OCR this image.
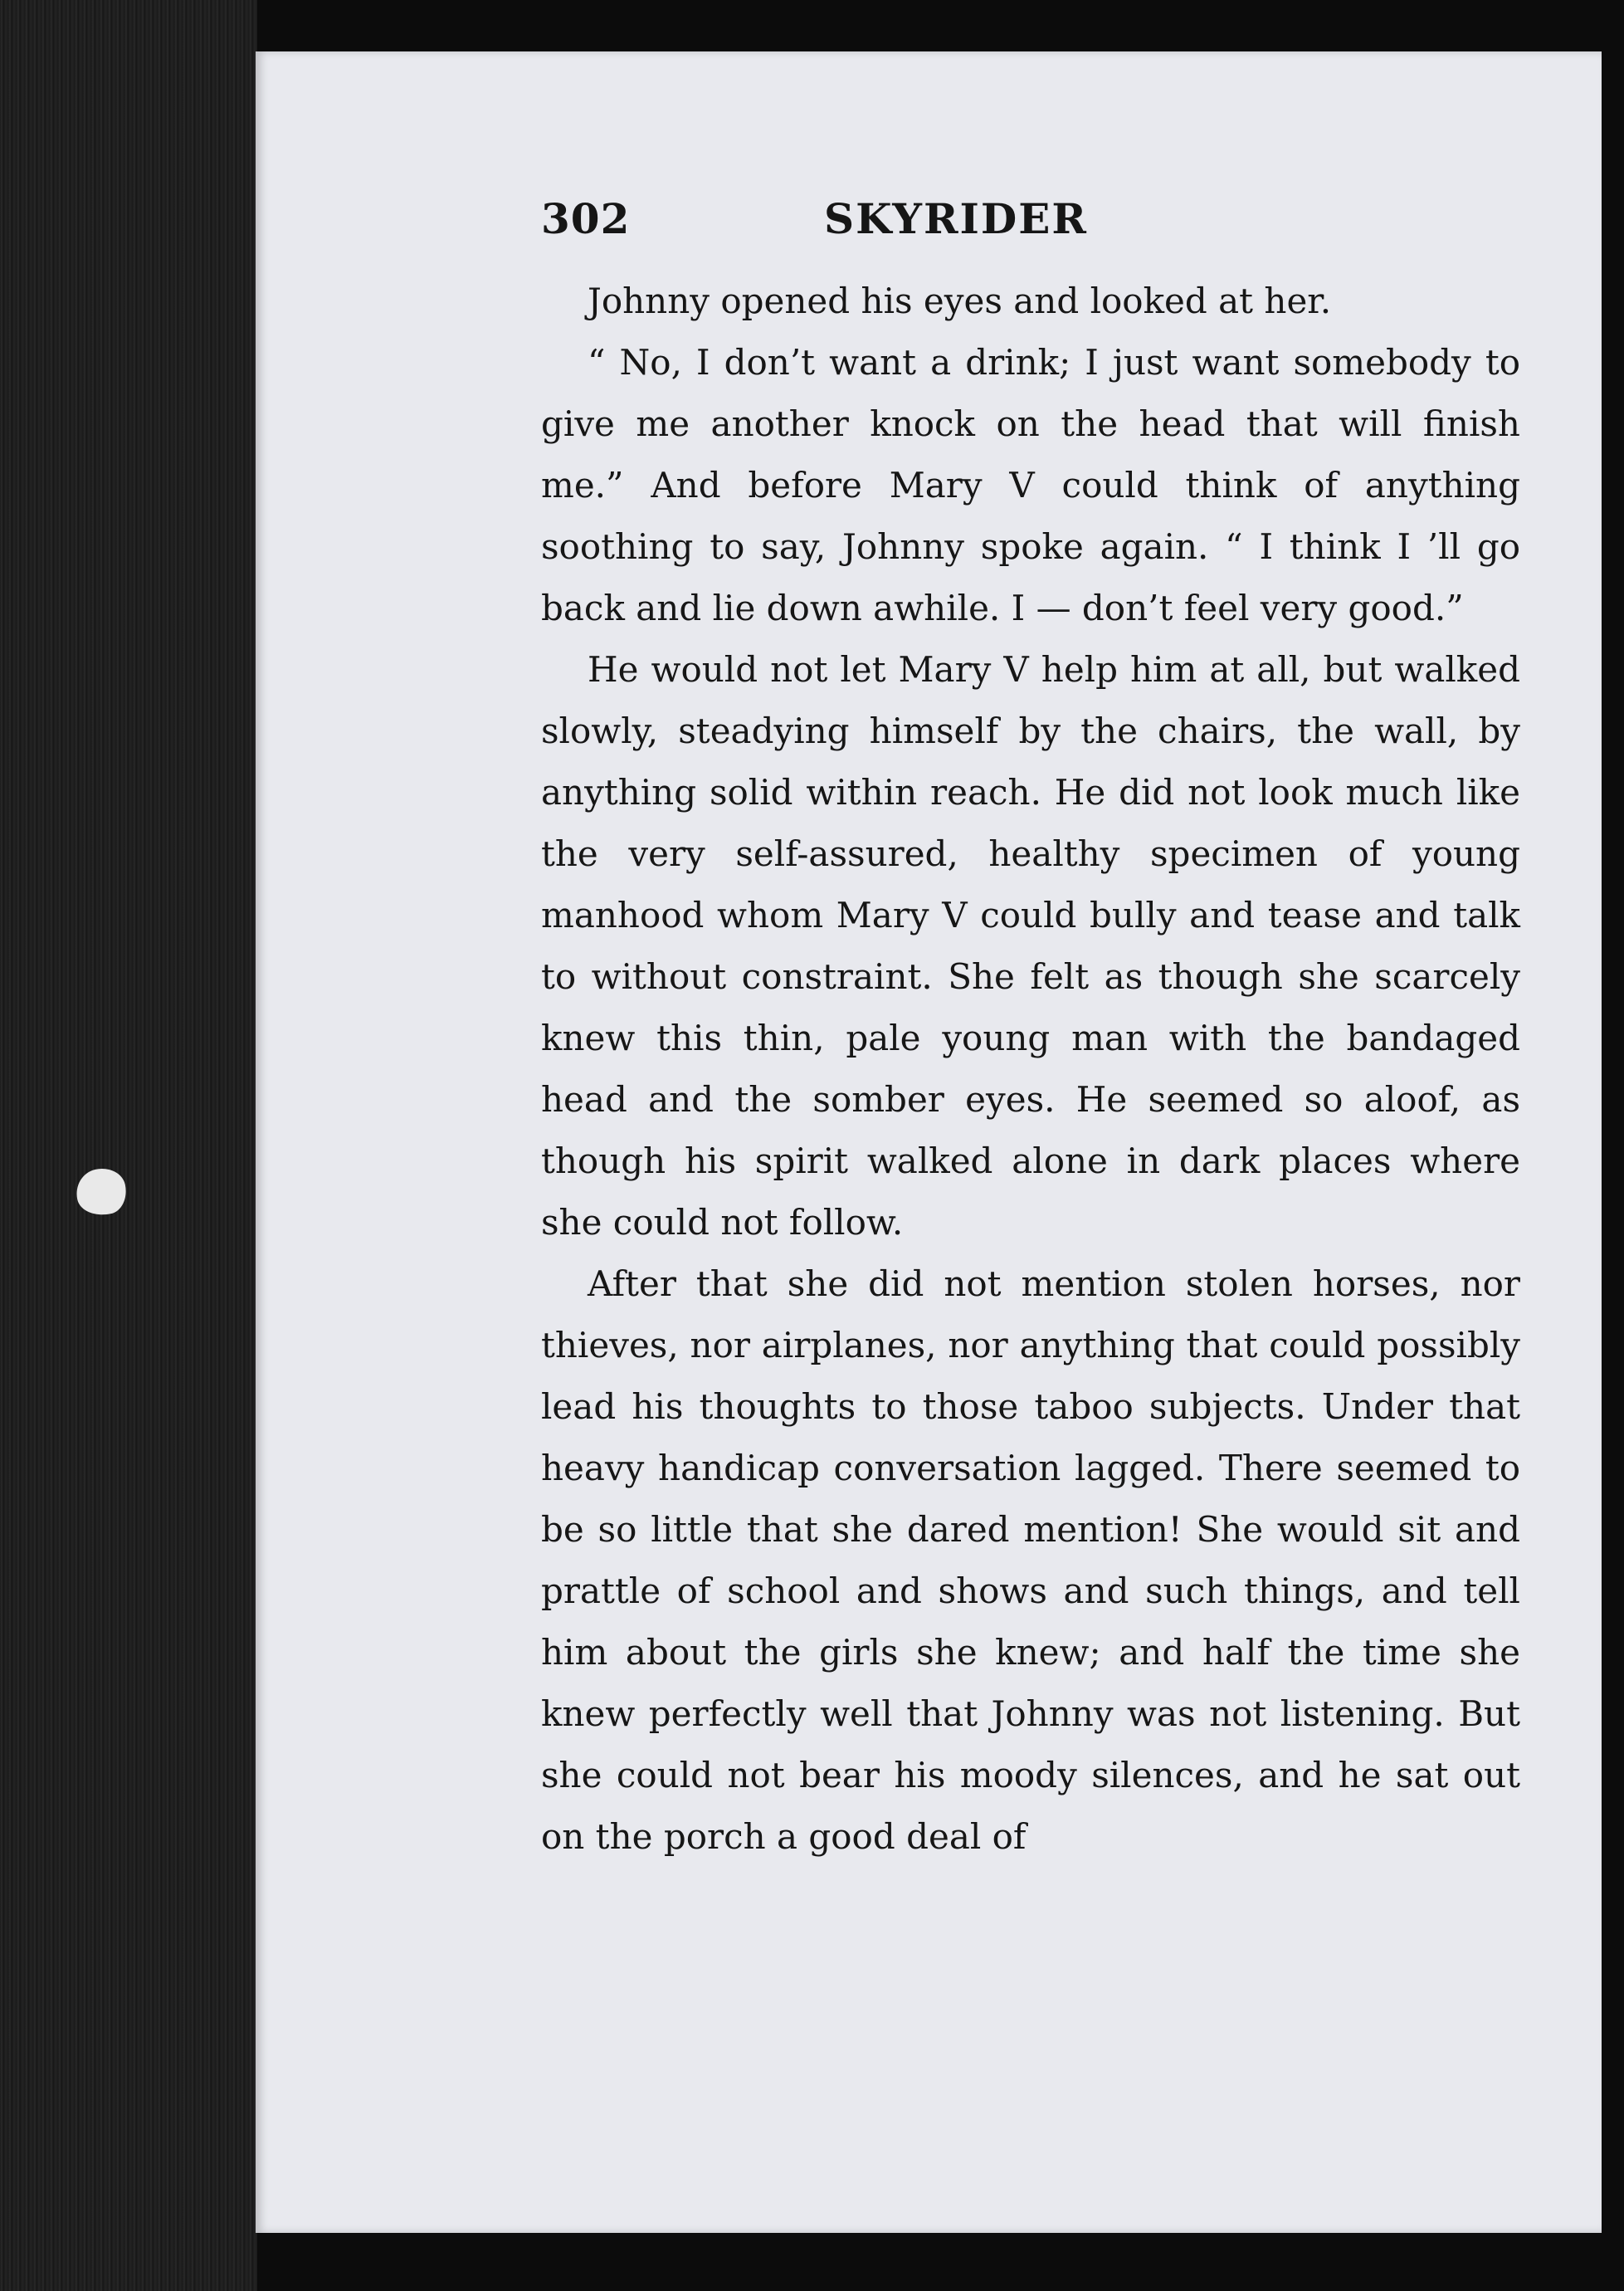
302	SKYRIDER

Johnny opened his eyes and looked at her.

“ No, I don’t want a drink; I just want somebody to give me another knock on the head that will finish me.” And before Mary V could think of anything soothing to say, Johnny spoke again. “ I think I ’ll go back and lie down awhile. I — don’t feel very good.”

He would not let Mary V help him at all, but walked slowly, steadying himself by the chairs, the wall, by anything solid within reach. He did not look much like the very self-assured, healthy specimen of young manhood whom Mary V could bully and tease and talk to without constraint. She felt as though she scarcely knew this thin, pale young man with the bandaged head and the somber eyes. He seemed so aloof, as though his spirit walked alone in dark places where she could not follow.

After that she did not mention stolen horses, nor thieves, nor airplanes, nor anything that could possibly lead his thoughts to those taboo subjects. Under that heavy handicap conversation lagged. There seemed to be so little that she dared mention! She would sit and prattle of school and shows and such things, and tell him about the girls she knew; and half the time she knew perfectly well that Johnny was not listening. But she could not bear his moody silences, and he sat out on the porch a good deal of
